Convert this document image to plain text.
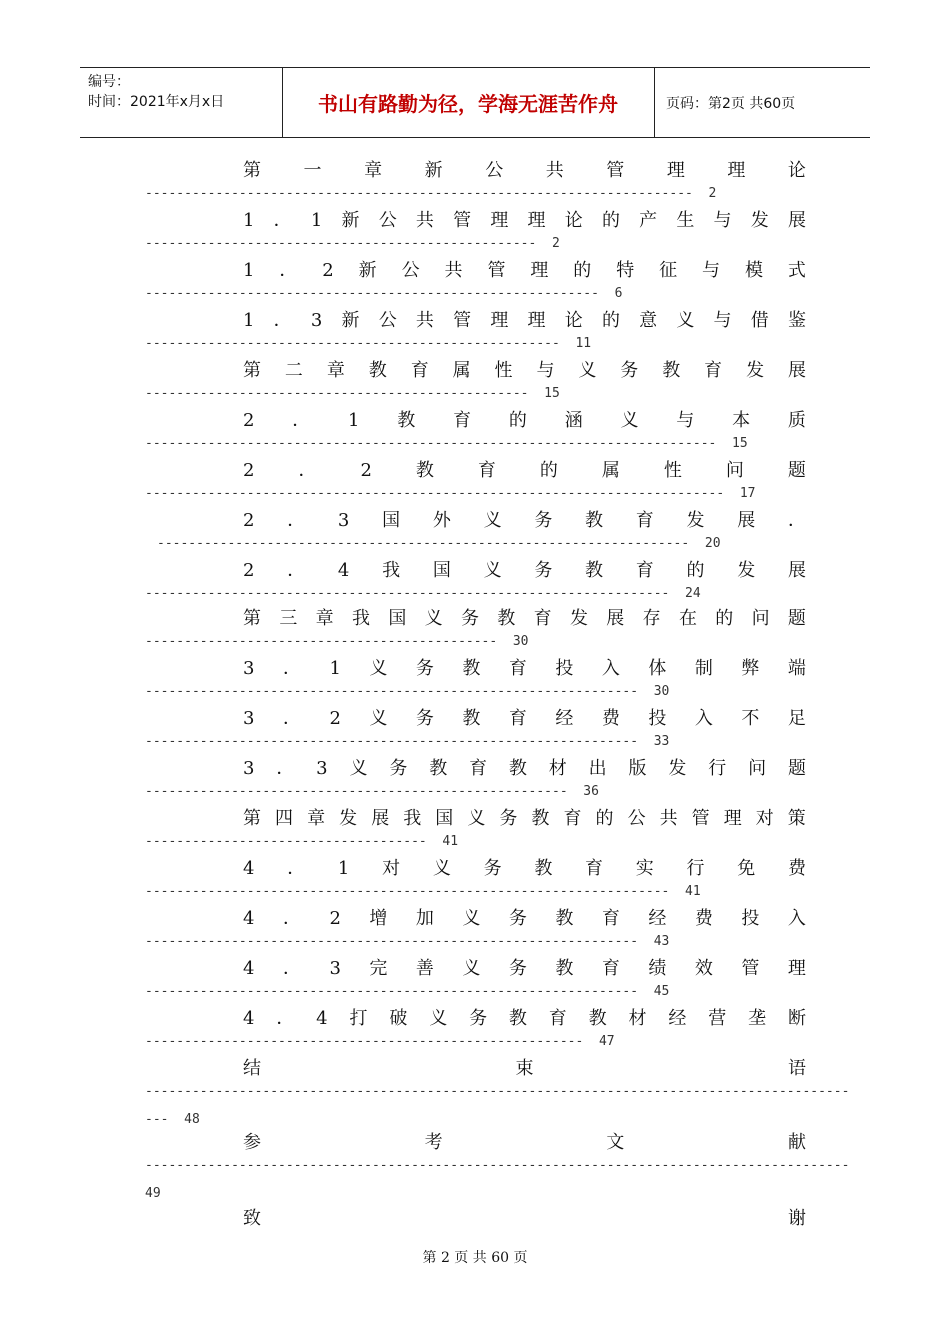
编号：
时间：2021年x月x日	书山有路勤为径，学海无涯苦作舟	页码：第2页 共60页
第 一 章 新 公 共 管 理 理 论
----------------------------------------------------------------------  2
1 ． 1 新 公 共 管 理 理 论 的 产 生 与 发 展
--------------------------------------------------  2
1 ． 2 新 公 共 管 理 的 特 征 与 模 式
----------------------------------------------------------  6
1 ． 3 新 公 共 管 理 理 论 的 意 义 与 借 鉴
-----------------------------------------------------  11
第 二 章 教 育 属 性 与 义 务 教 育 发 展
-------------------------------------------------  15
2 ． 1 教 育 的 涵 义 与 本 质
-------------------------------------------------------------------------  15
2 ． 2 教 育 的 属 性 问 题
--------------------------------------------------------------------------  17
2 ． 3 国 外 义 务 教 育 发 展 ．
--------------------------------------------------------------------  20
2 ． 4 我 国 义 务 教 育 的 发 展
-------------------------------------------------------------------  24
第 三 章 我 国 义 务 教 育 发 展 存 在 的 问 题
---------------------------------------------  30
3 ． 1 义 务 教 育 投 入 体 制 弊 端
---------------------------------------------------------------  30
3 ． 2 义 务 教 育 经 费 投 入 不 足
---------------------------------------------------------------  33
3 ． 3 义 务 教 育 教 材 出 版 发 行 问 题
------------------------------------------------------  36
第 四 章 发 展 我 国 义 务 教 育 的 公 共 管 理 对 策
------------------------------------  41
4 ． 1 对 义 务 教 育 实 行 免 费
-------------------------------------------------------------------  41
4 ． 2 增 加 义 务 教 育 经 费 投 入
---------------------------------------------------------------  43
4 ． 3 完 善 义 务 教 育 绩 效 管 理
---------------------------------------------------------------  45
4 ． 4 打 破 义 务 教 育 教 材 经 营 垄 断
--------------------------------------------------------  47
结	束	语
------------------------------------------------------------------------------------------
---  48
参	考	文	献
------------------------------------------------------------------------------------------
49
致	谢
第 2 页 共 60 页
